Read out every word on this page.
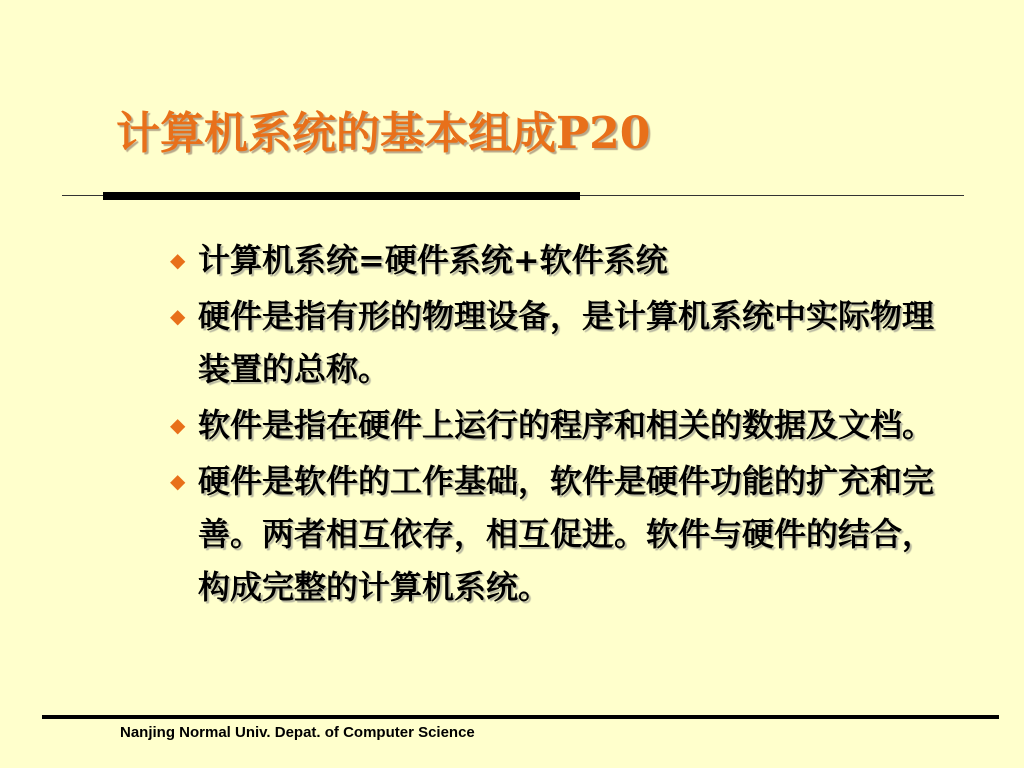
计算机系统的基本组成P20
◆ 计算机系统=硬件系统+软件系统
◆ 硬件是指有形的物理设备，是计算机系统中实际物理装置的总称。
◆ 软件是指在硬件上运行的程序和相关的数据及文档。
◆ 硬件是软件的工作基础，软件是硬件功能的扩充和完善。两者相互依存，相互促进。软件与硬件的结合，构成完整的计算机系统。
Nanjing Normal Univ. Depat. of Computer Science
